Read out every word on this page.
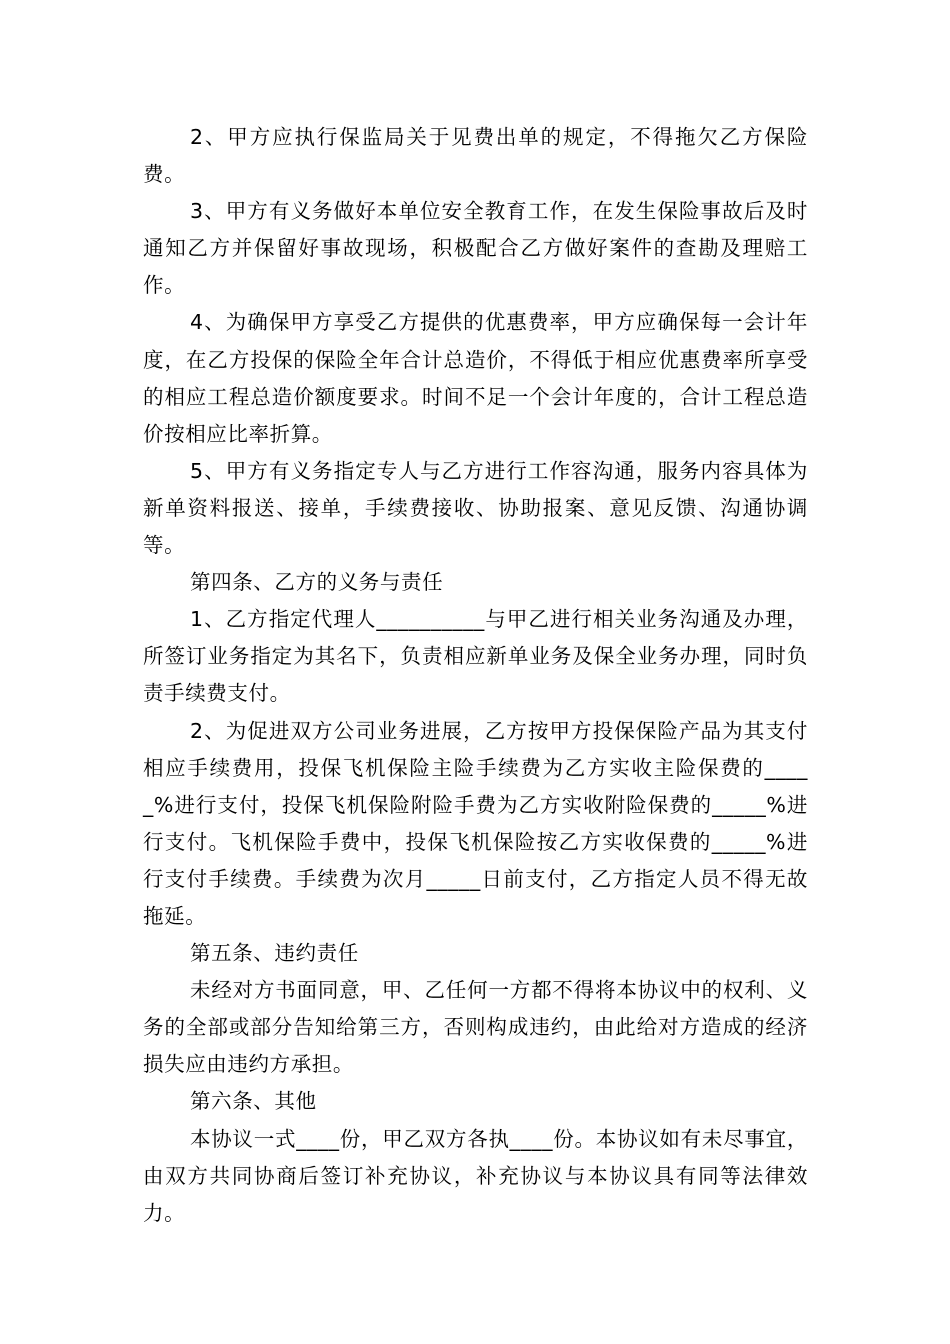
2、甲方应执行保监局关于见费出单的规定，不得拖欠乙方保险费。

3、甲方有义务做好本单位安全教育工作，在发生保险事故后及时通知乙方并保留好事故现场，积极配合乙方做好案件的查勘及理赔工作。

4、为确保甲方享受乙方提供的优惠费率，甲方应确保每一会计年度，在乙方投保的保险全年合计总造价，不得低于相应优惠费率所享受的相应工程总造价额度要求。时间不足一个会计年度的，合计工程总造价按相应比率折算。

5、甲方有义务指定专人与乙方进行工作容沟通，服务内容具体为新单资料报送、接单，手续费接收、协助报案、意见反馈、沟通协调等。

第四条、乙方的义务与责任

1、乙方指定代理人__________与甲乙进行相关业务沟通及办理，所签订业务指定为其名下，负责相应新单业务及保全业务办理，同时负责手续费支付。

2、为促进双方公司业务进展，乙方按甲方投保保险产品为其支付相应手续费用，投保飞机保险主险手续费为乙方实收主险保费的_____%进行支付，投保飞机保险附险手费为乙方实收附险保费的_____%进行支付。飞机保险手费中，投保飞机保险按乙方实收保费的_____%进行支付手续费。手续费为次月_____日前支付，乙方指定人员不得无故拖延。

第五条、违约责任

未经对方书面同意，甲、乙任何一方都不得将本协议中的权利、义务的全部或部分告知给第三方，否则构成违约，由此给对方造成的经济损失应由违约方承担。

第六条、其他

本协议一式____份，甲乙双方各执____份。本协议如有未尽事宜，由双方共同协商后签订补充协议，补充协议与本协议具有同等法律效力。
